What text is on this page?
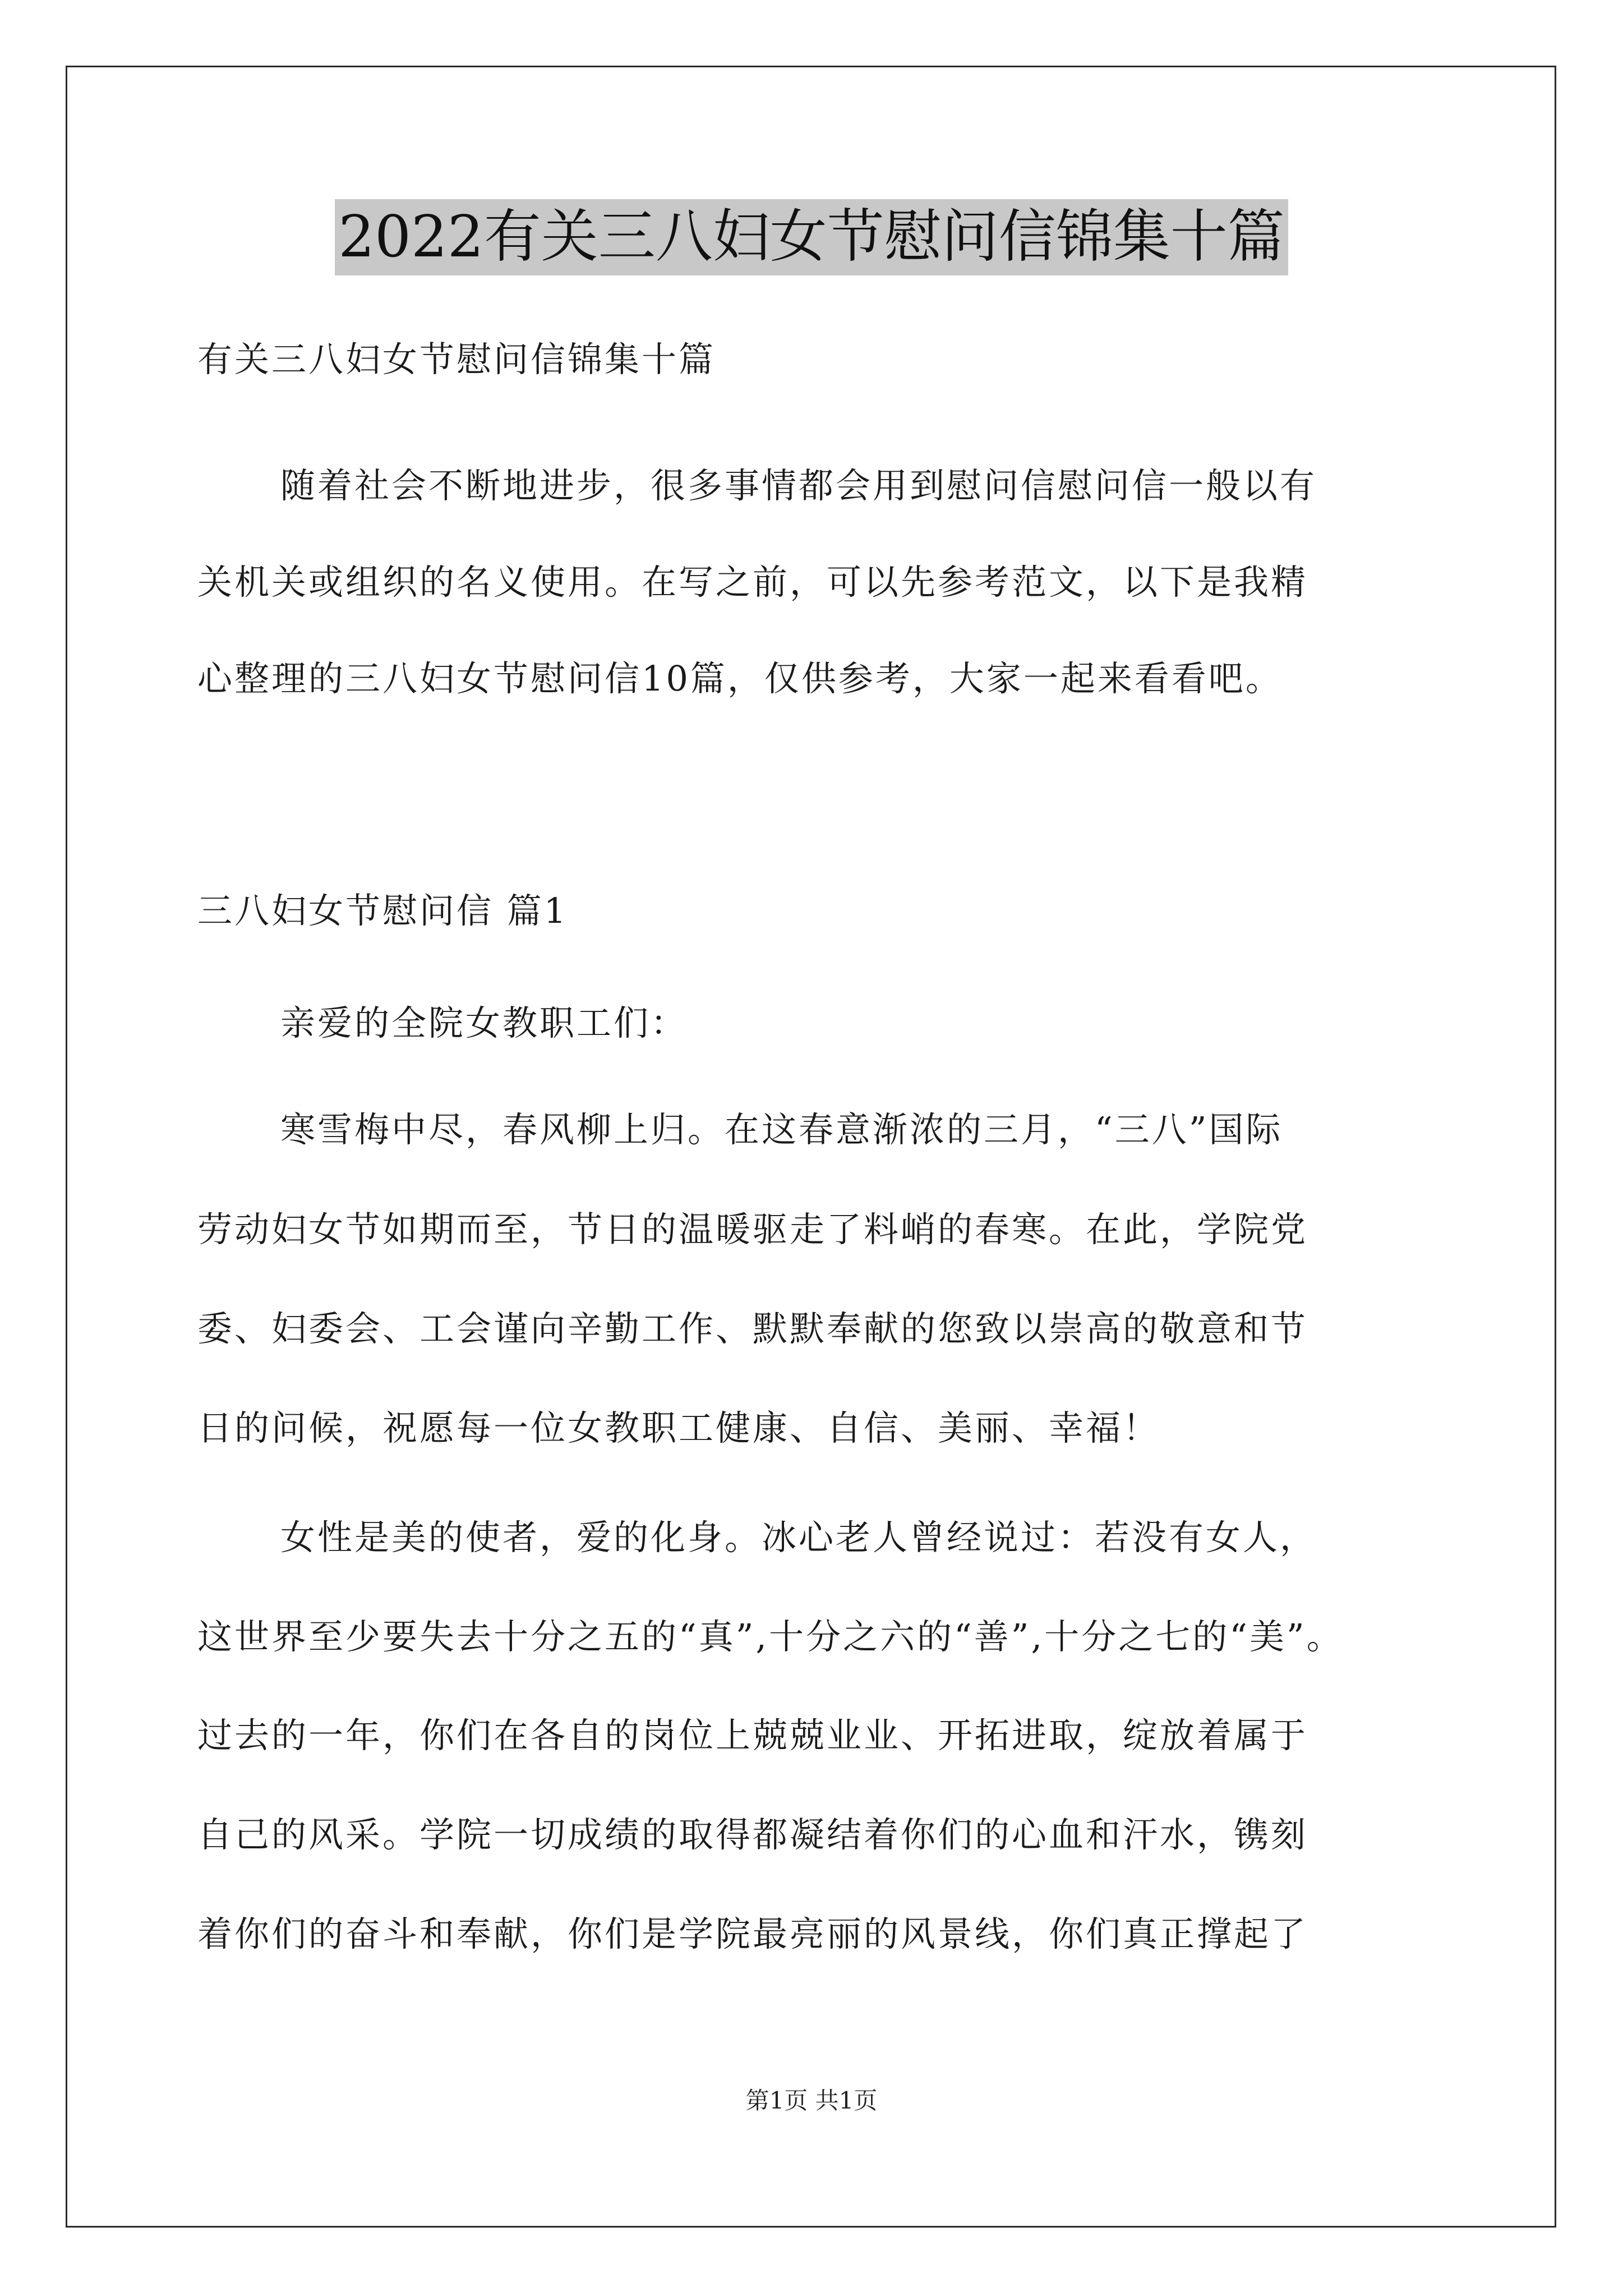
2022有关三八妇女节慰问信锦集十篇

有关三八妇女节慰问信锦集十篇

随着社会不断地进步，很多事情都会用到慰问信慰问信一般以有

关机关或组织的名义使用。在写之前，可以先参考范文，以下是我精

心整理的三八妇女节慰问信10篇，仅供参考，大家一起来看看吧。

三八妇女节慰问信 篇1

亲爱的全院女教职工们：

寒雪梅中尽，春风柳上归。在这春意渐浓的三月，“三八”国际

劳动妇女节如期而至，节日的温暖驱走了料峭的春寒。在此，学院党

委、妇委会、工会谨向辛勤工作、默默奉献的您致以崇高的敬意和节

日的问候，祝愿每一位女教职工健康、自信、美丽、幸福！

女性是美的使者，爱的化身。冰心老人曾经说过：若没有女人，

这世界至少要失去十分之五的“真”,十分之六的“善”,十分之七的“美”。

过去的一年，你们在各自的岗位上兢兢业业、开拓进取，绽放着属于

自己的风采。学院一切成绩的取得都凝结着你们的心血和汗水，镌刻

着你们的奋斗和奉献，你们是学院最亮丽的风景线，你们真正撑起了

第1页 共1页
